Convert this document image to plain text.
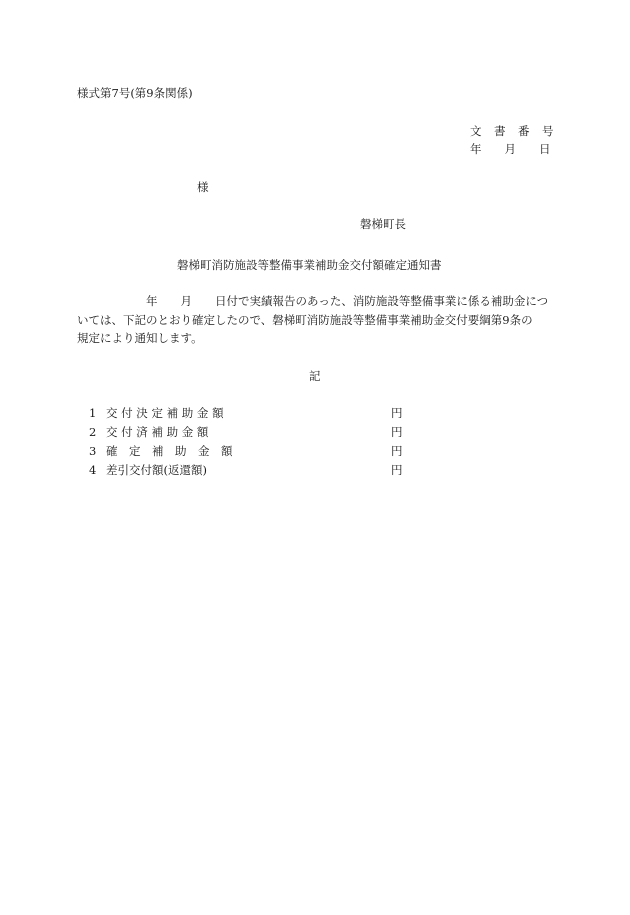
様式第7号(第9条関係)
文　書　番　号
年　　月　　日
様
磐梯町長
磐梯町消防施設等整備事業補助金交付額確定通知書
　　　　　　年　　月　　日付で実績報告のあった、消防施設等整備事業に係る補助金につ
いては、下記のとおり確定したので、磐梯町消防施設等整備事業補助金交付要綱第9条の
規定により通知します。
記
1 交 付 決 定 補 助 金 額	円
2 交 付 済 補 助 金 額	円
3 確　定　補　助　金　額	円
4 差引交付額(返還額)	円
